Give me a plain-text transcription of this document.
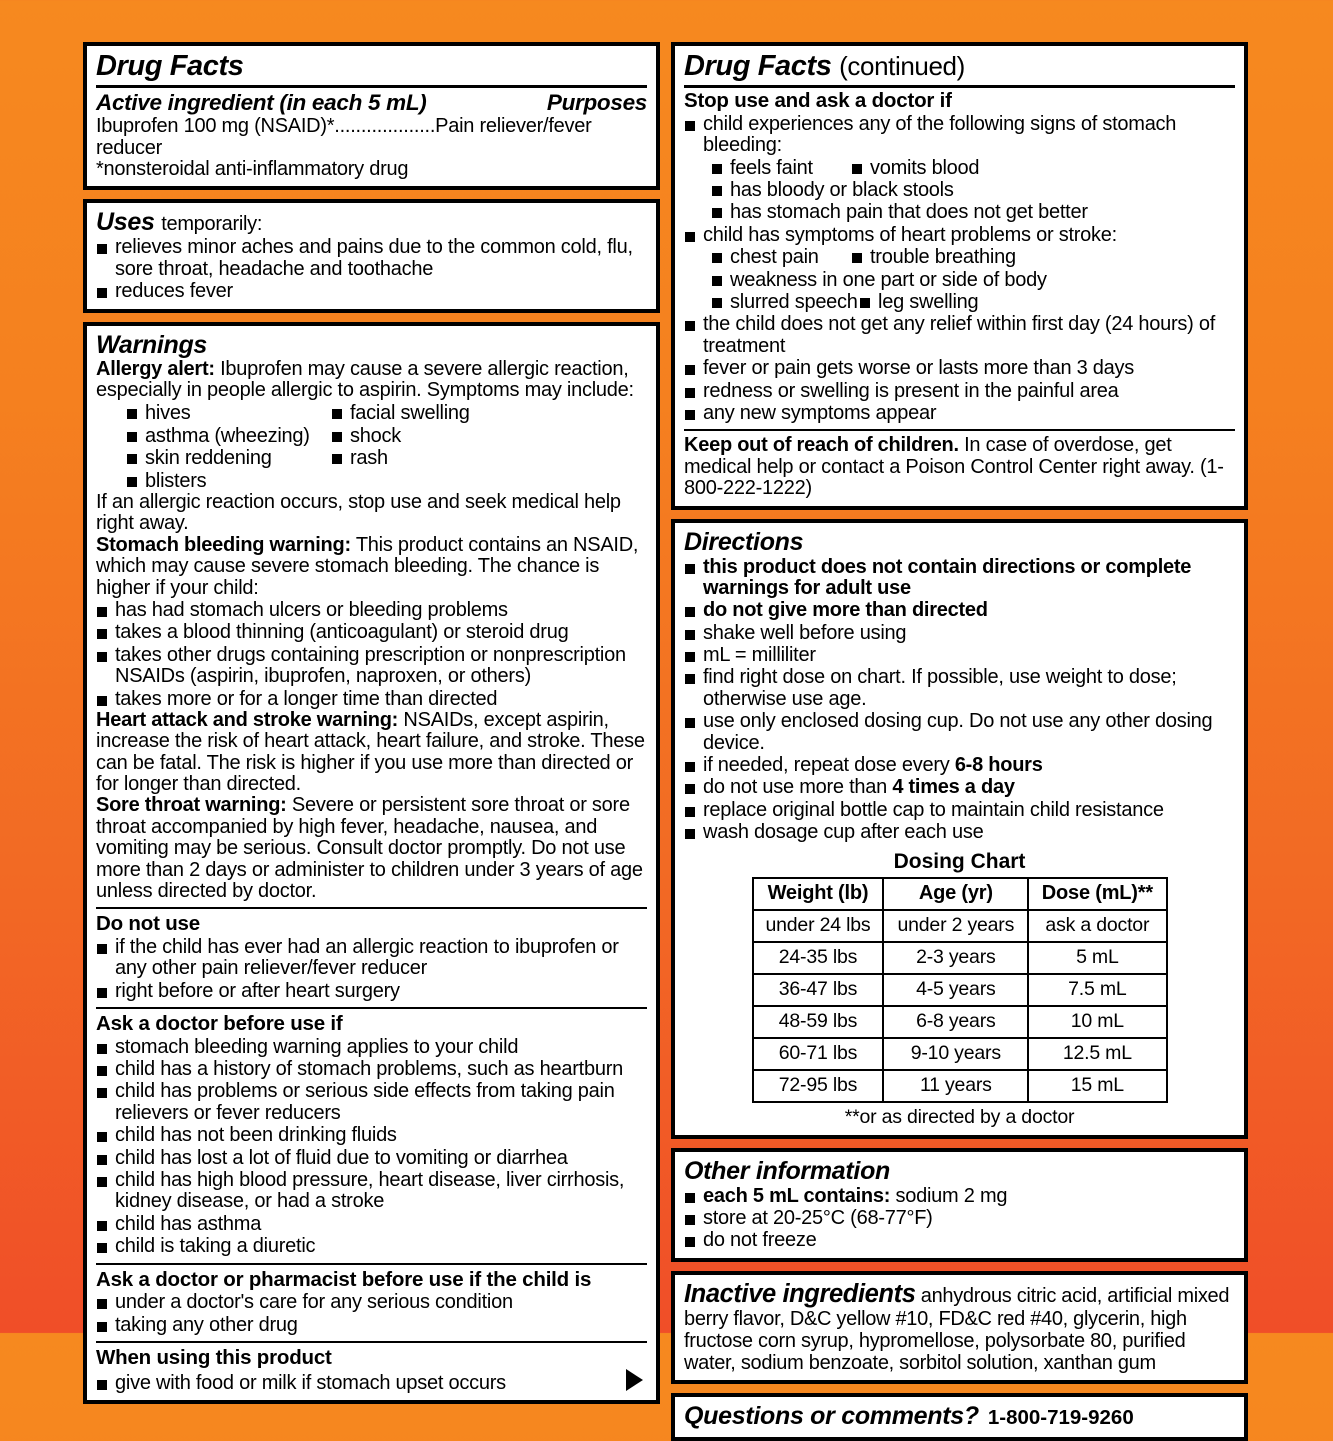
Drug Facts
Active ingredient (in each 5 mL)	Purposes
Ibuprofen 100 mg (NSAID)*...................Pain reliever/fever reducer
*nonsteroidal anti-inflammatory drug
Uses temporarily:
relieves minor aches and pains due to the common cold, flu, sore throat, headache and toothache
reduces fever
Warnings
Allergy alert: Ibuprofen may cause a severe allergic reaction, especially in people allergic to aspirin. Symptoms may include:
hives	facial swelling
asthma (wheezing)	shock
skin reddening	rash
blisters
If an allergic reaction occurs, stop use and seek medical help right away.
Stomach bleeding warning: This product contains an NSAID, which may cause severe stomach bleeding. The chance is higher if your child:
has had stomach ulcers or bleeding problems
takes a blood thinning (anticoagulant) or steroid drug
takes other drugs containing prescription or nonprescription NSAIDs (aspirin, ibuprofen, naproxen, or others)
takes more or for a longer time than directed
Heart attack and stroke warning: NSAIDs, except aspirin, increase the risk of heart attack, heart failure, and stroke. These can be fatal. The risk is higher if you use more than directed or for longer than directed.
Sore throat warning: Severe or persistent sore throat or sore throat accompanied by high fever, headache, nausea, and vomiting may be serious. Consult doctor promptly. Do not use more than 2 days or administer to children under 3 years of age unless directed by doctor.
Do not use
if the child has ever had an allergic reaction to ibuprofen or any other pain reliever/fever reducer
right before or after heart surgery
Ask a doctor before use if
stomach bleeding warning applies to your child
child has a history of stomach problems, such as heartburn
child has problems or serious side effects from taking pain relievers or fever reducers
child has not been drinking fluids
child has lost a lot of fluid due to vomiting or diarrhea
child has high blood pressure, heart disease, liver cirrhosis, kidney disease, or had a stroke
child has asthma
child is taking a diuretic
Ask a doctor or pharmacist before use if the child is
under a doctor's care for any serious condition
taking any other drug
When using this product
give with food or milk if stomach upset occurs
Drug Facts (continued)
Stop use and ask a doctor if
child experiences any of the following signs of stomach bleeding:
feels faint	vomits blood
has bloody or black stools
has stomach pain that does not get better
child has symptoms of heart problems or stroke:
chest pain	trouble breathing
weakness in one part or side of body
slurred speech	leg swelling
the child does not get any relief within first day (24 hours) of treatment
fever or pain gets worse or lasts more than 3 days
redness or swelling is present in the painful area
any new symptoms appear
Keep out of reach of children. In case of overdose, get medical help or contact a Poison Control Center right away. (1-800-222-1222)
Directions
this product does not contain directions or complete warnings for adult use
do not give more than directed
shake well before using
mL = milliliter
find right dose on chart. If possible, use weight to dose; otherwise use age.
use only enclosed dosing cup. Do not use any other dosing device.
if needed, repeat dose every 6-8 hours
do not use more than 4 times a day
replace original bottle cap to maintain child resistance
wash dosage cup after each use
Dosing Chart
Weight (lb)	Age (yr)	Dose (mL)**
under 24 lbs	under 2 years	ask a doctor
24-35 lbs	2-3 years	5 mL
36-47 lbs	4-5 years	7.5 mL
48-59 lbs	6-8 years	10 mL
60-71 lbs	9-10 years	12.5 mL
72-95 lbs	11 years	15 mL
**or as directed by a doctor
Other information
each 5 mL contains: sodium 2 mg
store at 20-25°C (68-77°F)
do not freeze
Inactive ingredients anhydrous citric acid, artificial mixed berry flavor, D&C yellow #10, FD&C red #40, glycerin, high fructose corn syrup, hypromellose, polysorbate 80, purified water, sodium benzoate, sorbitol solution, xanthan gum
Questions or comments? 1-800-719-9260
